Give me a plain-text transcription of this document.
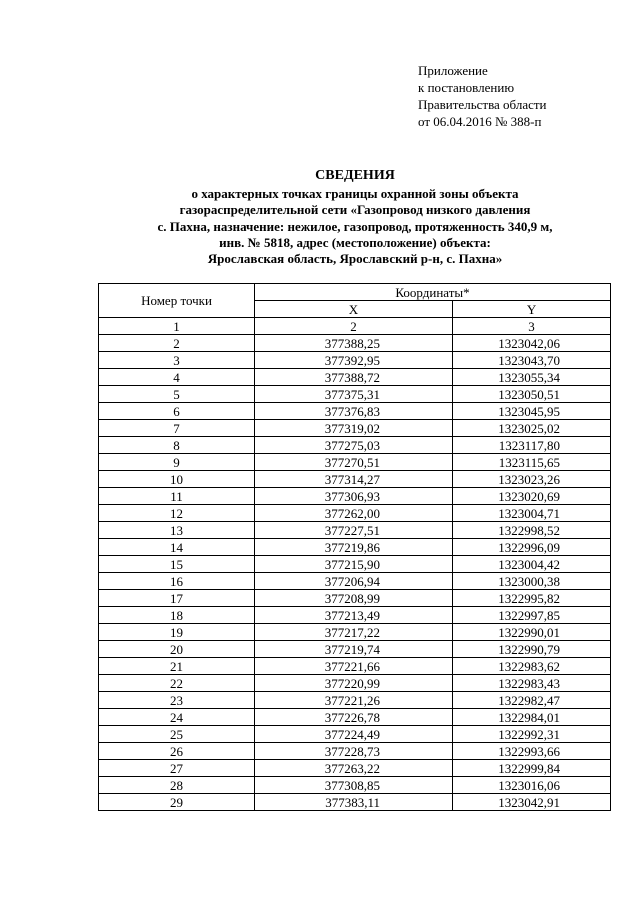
Приложение
к постановлению
Правительства области
от 06.04.2016 № 388-п
СВЕДЕНИЯ
о характерных точках границы охранной зоны объекта
газораспределительной сети «Газопровод низкого давления
с. Пахна, назначение: нежилое, газопровод, протяженность 340,9 м,
инв. № 5818, адрес (местоположение) объекта:
Ярославская область, Ярославский р-н, с. Пахна»
Номер точки	Координаты*	
	X	Y
1	2	3
2	377388,25	1323042,06
3	377392,95	1323043,70
4	377388,72	1323055,34
5	377375,31	1323050,51
6	377376,83	1323045,95
7	377319,02	1323025,02
8	377275,03	1323117,80
9	377270,51	1323115,65
10	377314,27	1323023,26
11	377306,93	1323020,69
12	377262,00	1323004,71
13	377227,51	1322998,52
14	377219,86	1322996,09
15	377215,90	1323004,42
16	377206,94	1323000,38
17	377208,99	1322995,82
18	377213,49	1322997,85
19	377217,22	1322990,01
20	377219,74	1322990,79
21	377221,66	1322983,62
22	377220,99	1322983,43
23	377221,26	1322982,47
24	377226,78	1322984,01
25	377224,49	1322992,31
26	377228,73	1322993,66
27	377263,22	1322999,84
28	377308,85	1323016,06
29	377383,11	1323042,91
